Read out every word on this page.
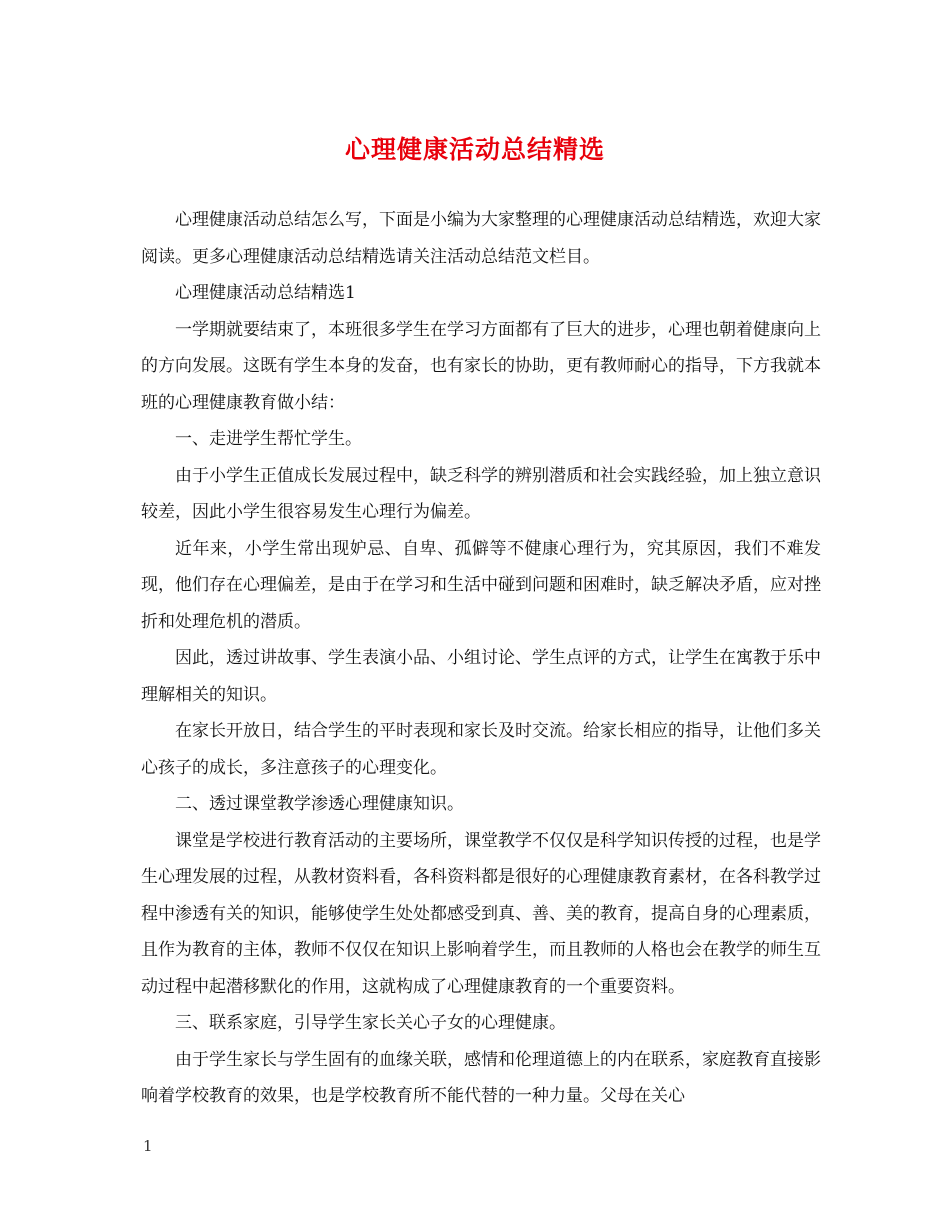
心理健康活动总结精选

心理健康活动总结怎么写，下面是小编为大家整理的心理健康活动总结精选，欢迎大家阅读。更多心理健康活动总结精选请关注活动总结范文栏目。

心理健康活动总结精选1

一学期就要结束了，本班很多学生在学习方面都有了巨大的进步，心理也朝着健康向上的方向发展。这既有学生本身的发奋，也有家长的协助，更有教师耐心的指导，下方我就本班的心理健康教育做小结：

一、走进学生帮忙学生。

由于小学生正值成长发展过程中，缺乏科学的辨别潜质和社会实践经验，加上独立意识较差，因此小学生很容易发生心理行为偏差。

近年来，小学生常出现妒忌、自卑、孤僻等不健康心理行为，究其原因，我们不难发现，他们存在心理偏差，是由于在学习和生活中碰到问题和困难时，缺乏解决矛盾，应对挫折和处理危机的潜质。

因此，透过讲故事、学生表演小品、小组讨论、学生点评的方式，让学生在寓教于乐中理解相关的知识。

在家长开放日，结合学生的平时表现和家长及时交流。给家长相应的指导，让他们多关心孩子的成长，多注意孩子的心理变化。

二、透过课堂教学渗透心理健康知识。

课堂是学校进行教育活动的主要场所，课堂教学不仅仅是科学知识传授的过程，也是学生心理发展的过程，从教材资料看，各科资料都是很好的心理健康教育素材，在各科教学过程中渗透有关的知识，能够使学生处处都感受到真、善、美的教育，提高自身的心理素质，且作为教育的主体，教师不仅仅在知识上影响着学生，而且教师的人格也会在教学的师生互动过程中起潜移默化的作用，这就构成了心理健康教育的一个重要资料。

三、联系家庭，引导学生家长关心子女的心理健康。

由于学生家长与学生固有的血缘关联，感情和伦理道德上的内在联系，家庭教育直接影响着学校教育的效果，也是学校教育所不能代替的一种力量。父母在关心

1
